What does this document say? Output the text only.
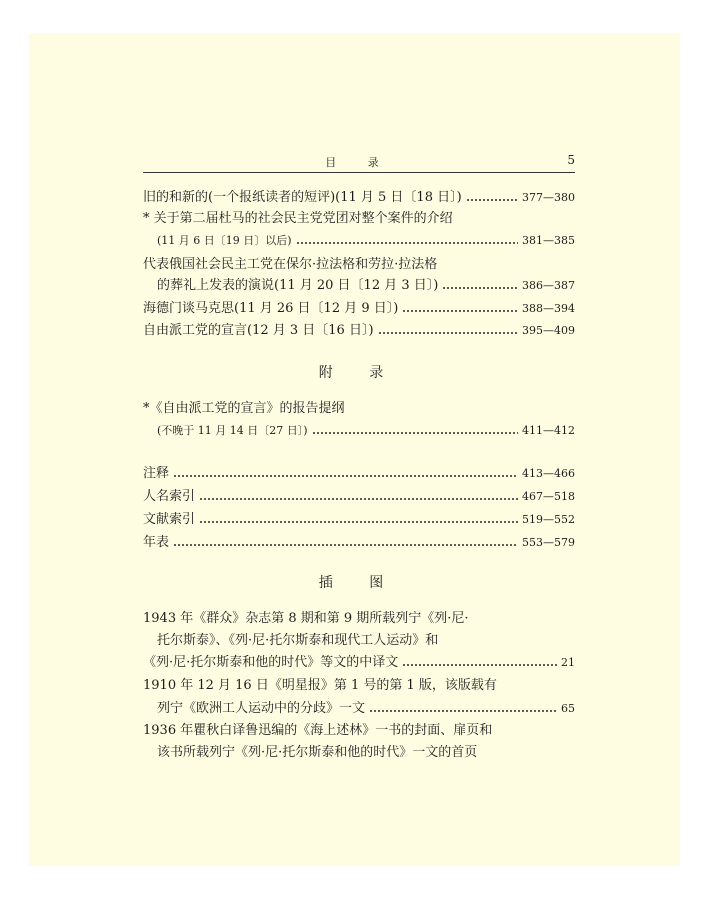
目 录	5
旧的和新的(一个报纸读者的短评)(11 月 5 日〔18 日〕)	377—380
* 关于第二届杜马的社会民主党党团对整个案件的介绍
(11 月 6 日〔19 日〕以后)	381—385
代表俄国社会民主工党在保尔·拉法格和劳拉·拉法格
的葬礼上发表的演说(11 月 20 日〔12 月 3 日〕)	386—387
海德门谈马克思(11 月 26 日〔12 月 9 日〕)	388—394
自由派工党的宣言(12 月 3 日〔16 日〕)	395—409
附 录
*《自由派工党的宣言》的报告提纲
(不晚于 11 月 14 日〔27 日〕)	411—412
注释	413—466
人名索引	467—518
文献索引	519—552
年表	553—579
插 图
1943 年《群众》杂志第 8 期和第 9 期所载列宁《列·尼·
托尔斯泰》、《列·尼·托尔斯泰和现代工人运动》和
《列·尼·托尔斯泰和他的时代》等文的中译文	21
1910 年 12 月 16 日《明星报》第 1 号的第 1 版，该版载有
列宁《欧洲工人运动中的分歧》一文	65
1936 年瞿秋白译鲁迅编的《海上述林》一书的封面、扉页和
该书所载列宁《列·尼·托尔斯泰和他的时代》一文的首页
